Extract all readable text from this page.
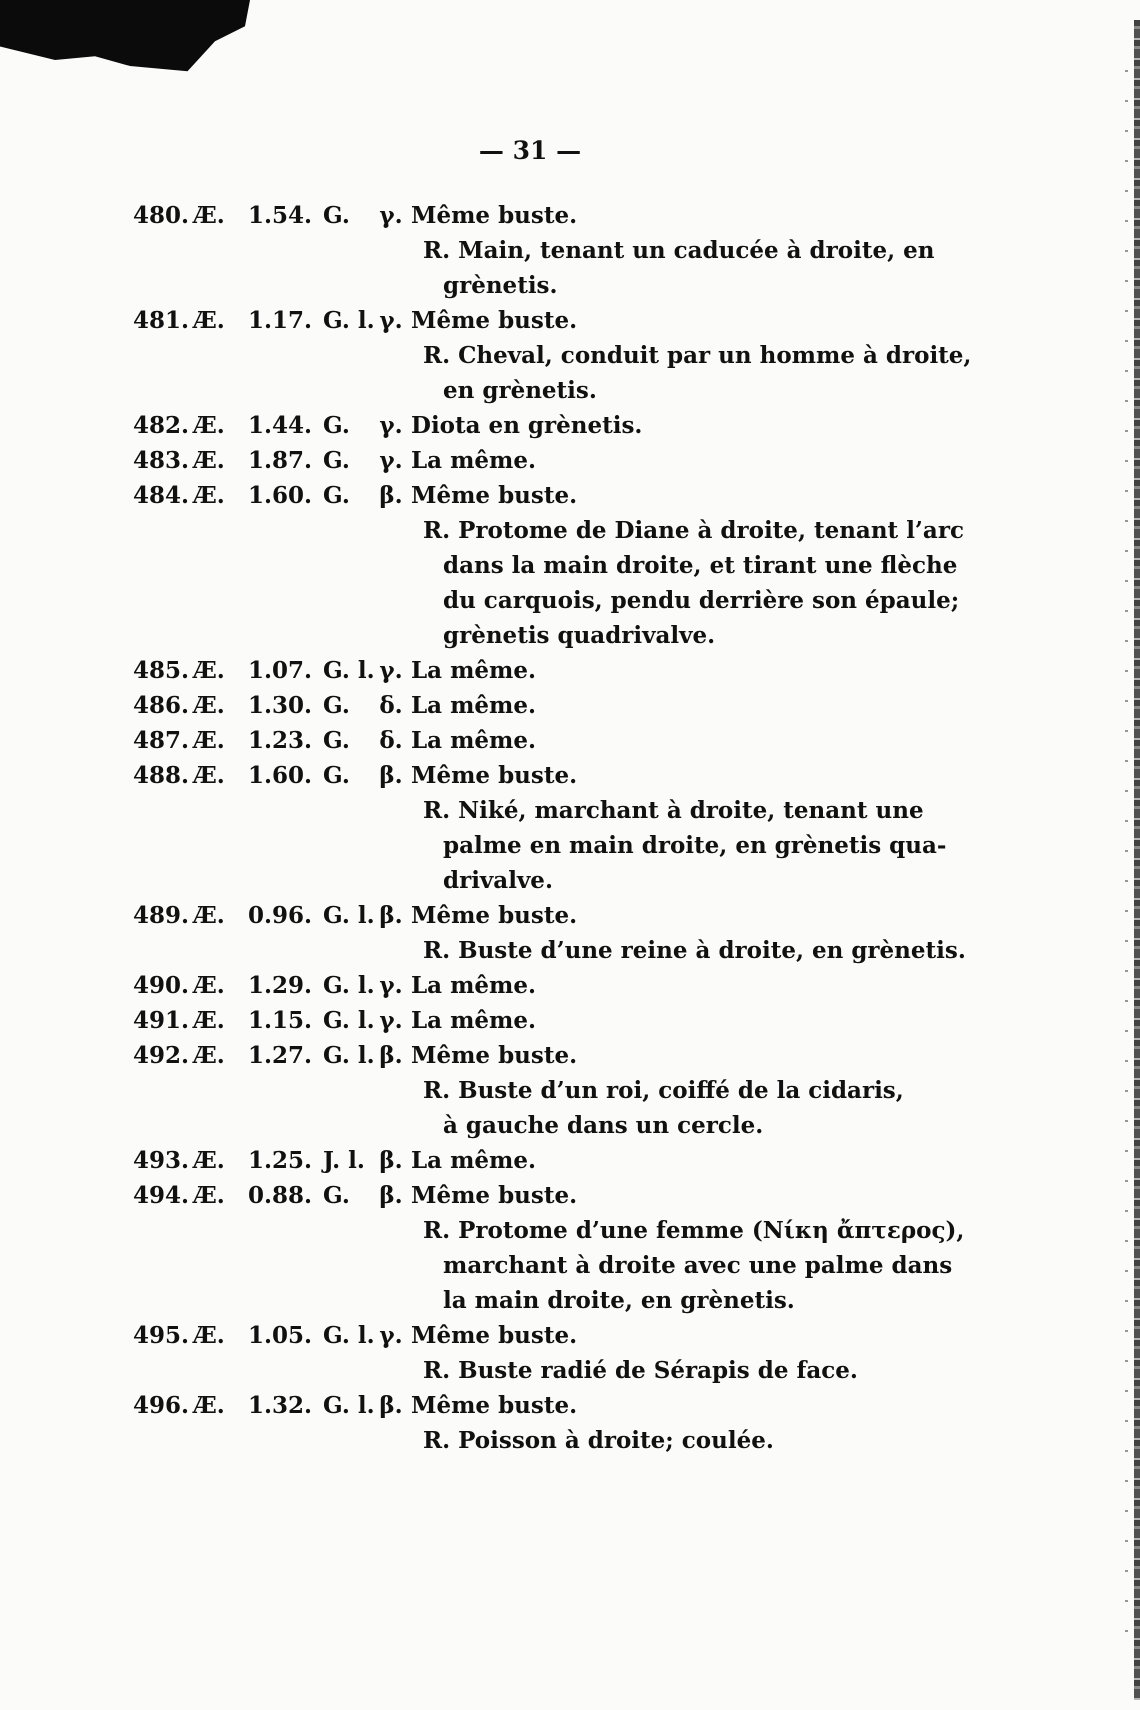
— 31 —
480. Æ.	1.54. G.	γ. Même buste.
R. Main, tenant un caducée à droite, en
grènetis.
481. Æ.	1.17. G. l. γ. Même buste.
R. Cheval, conduit par un homme à droite,
en grènetis.
482. Æ.	1.44. G.	γ. Diota en grènetis.
483. Æ.	1.87. G.	γ. La même.
484. Æ.	1.60. G.	β. Même buste.
R. Protome de Diane à droite, tenant l’arc
dans la main droite, et tirant une flèche
du carquois, pendu derrière son épaule;
grènetis quadrivalve.
485. Æ.	1.07. G. l. γ. La même.
486. Æ.	1.30. G.	δ. La même.
487. Æ.	1.23. G.	δ. La même.
488. Æ.	1.60. G.	β. Même buste.
R. Niké, marchant à droite, tenant une
palme en main droite, en grènetis qua-
drivalve.
489. Æ.	0.96. G. l. β. Même buste.
R. Buste d’une reine à droite, en grènetis.
490. Æ.	1.29. G. l. γ. La même.
491. Æ.	1.15. G. l. γ. La même.
492. Æ.	1.27. G. l. β. Même buste.
R. Buste d’un roi, coiffé de la cidaris,
à gauche dans un cercle.
493. Æ.	1.25. J. l. β. La même.
494. Æ.	0.88. G.	β. Même buste.
R. Protome d’une femme (Νίκη ἄπτερος),
marchant à droite avec une palme dans
la main droite, en grènetis.
495. Æ.	1.05. G. l. γ. Même buste.
R. Buste radié de Sérapis de face.
496. Æ.	1.32. G. l. β. Même buste.
R. Poisson à droite; coulée.
